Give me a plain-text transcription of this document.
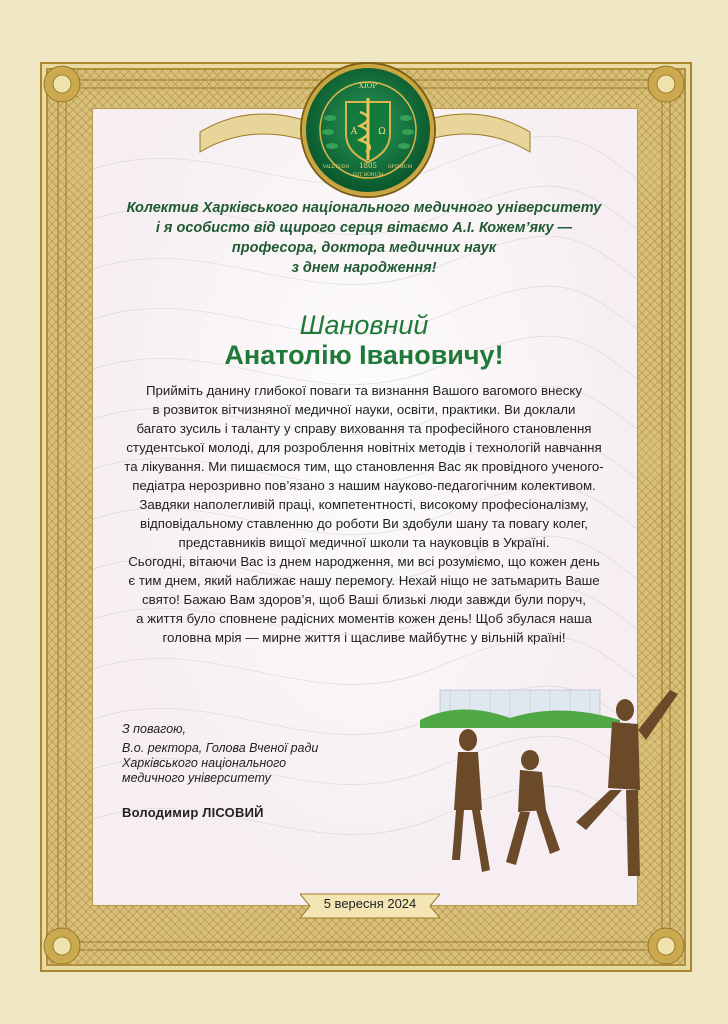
XIOP
A Ω
1805
VALETUDO	OPTIMUM
EST BONUM
Колектив Харківського національного медичного університету
і я особисто від щирого серця вітаємо А.І. Кожем’яку —
професора, доктора медичних наук
з днем народження!
Шановний
Анатолію Івановичу!
Прийміть данину глибокої поваги та визнання Вашого вагомого внеску
в розвиток вітчизняної медичної науки, освіти, практики. Ви доклали
багато зусиль і таланту у справу виховання та професійного становлення
студентської молоді, для розроблення новітніх методів і технологій навчання
та лікування. Ми пишаємося тим, що становлення Вас як провідного ученого-
педіатра нерозривно пов’язано з нашим науково-педагогічним колективом.
Завдяки наполегливій праці, компетентності, високому професіоналізму,
відповідальному ставленню до роботи Ви здобули шану та повагу колег,
представників вищої медичної школи та науковців в Україні.
Сьогодні, вітаючи Вас із днем народження, ми всі розуміємо, що кожен день
є тим днем, який наближає нашу перемогу. Нехай ніщо не затьмарить Ваше
свято! Бажаю Вам здоров’я, щоб Ваші близькі люди завжди були поруч,
а життя було сповнене радісних моментів кожен день! Щоб збулася наша
головна мрія — мирне життя і щасливе майбутнє у вільній країні!
З повагою,
В.о. ректора, Голова Вченої ради
Харківського національного
медичного університету
Володимир ЛІСОВИЙ
5 вересня 2024
